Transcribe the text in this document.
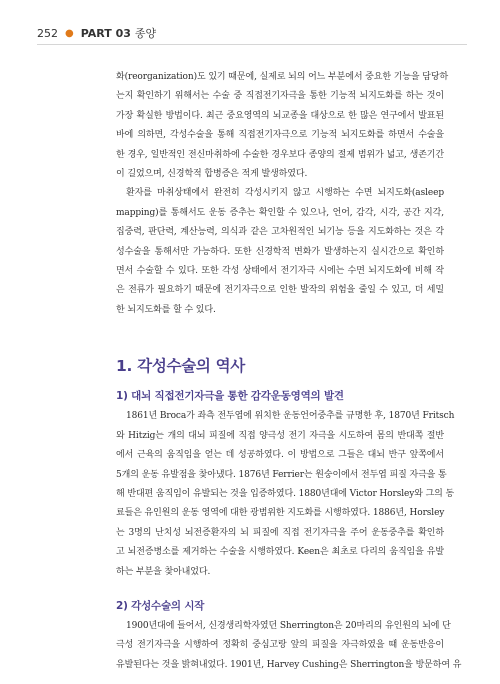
252 ● PART 03 종양

화(reorganization)도 있기 때문에, 실제로 뇌의 어느 부분에서 중요한 기능을 담당하
는지 확인하기 위해서는 수술 중 직접전기자극을 통한 기능적 뇌지도화를 하는 것이
가장 확실한 방법이다. 최근 중요영역의 뇌교종을 대상으로 한 많은 연구에서 발표된
바에 의하면, 각성수술을 통해 직접전기자극으로 기능적 뇌지도화를 하면서 수술을
한 경우, 일반적인 전신마취하에 수술한 경우보다 종양의 절제 범위가 넓고, 생존기간
이 길었으며, 신경학적 합병증은 적게 발생하였다.

환자를 마취상태에서 완전히 각성시키지 않고 시행하는 수면 뇌지도화(asleep
mapping)를 통해서도 운동 증추는 확인할 수 있으나, 언어, 감각, 시각, 공간 지각,
집중력, 판단력, 계산능력, 의식과 같은 고차원적인 뇌기능 등을 지도화하는 것은 각
성수술을 통해서만 가능하다. 또한 신경학적 변화가 발생하는지 실시간으로 확인하
면서 수술할 수 있다. 또한 각성 상태에서 전기자극 시에는 수면 뇌지도화에 비해 작
은 전류가 필요하기 때문에 전기자극으로 인한 발작의 위험을 줄일 수 있고, 더 세밀
한 뇌지도화를 할 수 있다.

1. 각성수술의 역사
1) 대뇌 직접전기자극을 통한 감각운동영역의 발견

1861년 Broca가 좌측 전두엽에 위치한 운동언어중추를 규명한 후, 1870년 Fritsch
와 Hitzig는 개의 대뇌 피질에 직접 양극성 전기 자극을 시도하여 몸의 반대쪽 절반
에서 근육의 움직임을 얻는 데 성공하였다. 이 방법으로 그들은 대뇌 반구 앞쪽에서
5개의 운동 유발점을 찾아냈다. 1876년 Ferrier는 원숭이에서 전두엽 피질 자극을 통
해 반대편 움직임이 유발되는 것을 입증하였다. 1880년대에 Victor Horsley와 그의 동
료들은 유인원의 운동 영역에 대한 광범위한 지도화를 시행하였다. 1886년, Horsley
는 3명의 난치성 뇌전증환자의 뇌 피질에 직접 전기자극을 주어 운동중추를 확인하
고 뇌전증병소를 제거하는 수술을 시행하였다. Keen은 최초로 다리의 움직임을 유발
하는 부분을 찾아내었다.

2) 각성수술의 시작

1900년대에 들어서, 신경생리학자였던 Sherrington은 20마리의 유인원의 뇌에 단
극성 전기자극을 시행하여 정확히 중심고랑 앞의 피질을 자극하였을 때 운동반응이
유발된다는 것을 밝혀내었다. 1901년, Harvey Cushing은 Sherrington을 방문하여 유
